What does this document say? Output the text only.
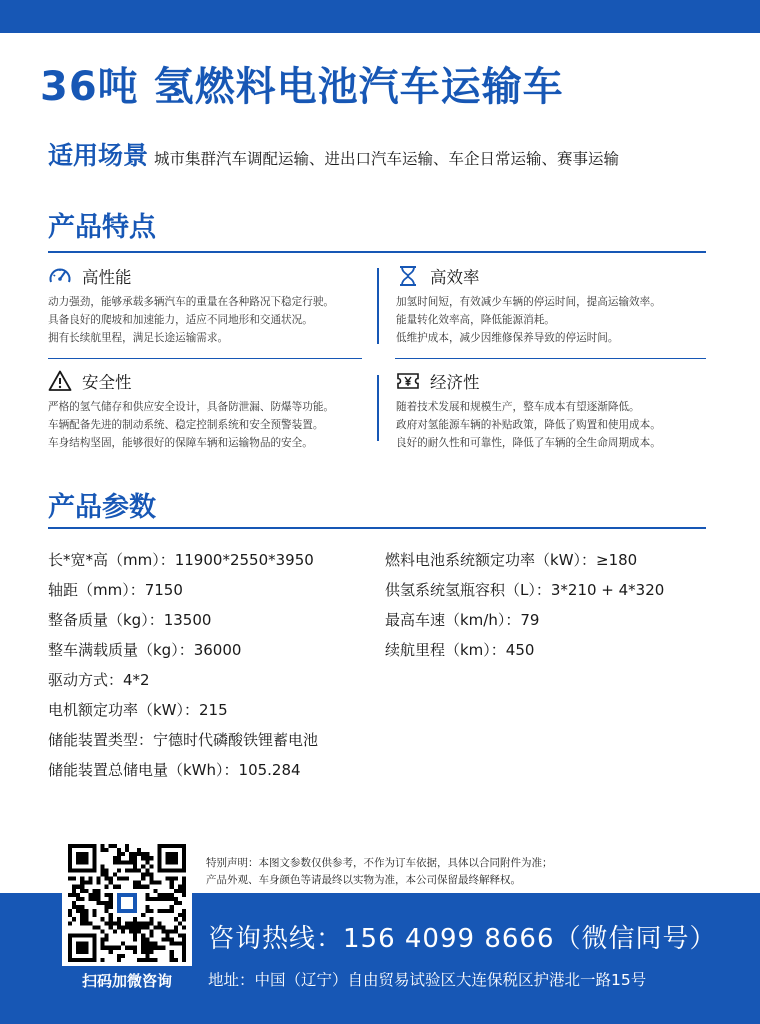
36吨 氢燃料电池汽车运输车
适用场景 城市集群汽车调配运输、进出口汽车运输、车企日常运输、赛事运输
产品特点
高性能
动力强劲，能够承载多辆汽车的重量在各种路况下稳定行驶。
具备良好的爬坡和加速能力，适应不同地形和交通状况。
拥有长续航里程，满足长途运输需求。
高效率
加氢时间短，有效减少车辆的停运时间，提高运输效率。
能量转化效率高，降低能源消耗。
低维护成本，减少因维修保养导致的停运时间。
安全性
严格的氢气储存和供应安全设计，具备防泄漏、防爆等功能。
车辆配备先进的制动系统、稳定控制系统和安全预警装置。
车身结构坚固，能够很好的保障车辆和运输物品的安全。
经济性
随着技术发展和规模生产，整车成本有望逐渐降低。
政府对氢能源车辆的补贴政策，降低了购置和使用成本。
良好的耐久性和可靠性，降低了车辆的全生命周期成本。
产品参数
长*宽*高（mm）：11900*2550*3950
轴距（mm）：7150
整备质量（kg）：13500
整车满载质量（kg）：36000
驱动方式：4*2
电机额定功率（kW）：215
储能装置类型：宁德时代磷酸铁锂蓄电池
储能装置总储电量（kWh）：105.284
燃料电池系统额定功率（kW）：≥180
供氢系统氢瓶容积（L）：3*210 + 4*320
最高车速（km/h）：79
续航里程（km）：450
特别声明：本图文参数仅供参考，不作为订车依据，具体以合同附件为准；
产品外观、车身颜色等请最终以实物为准，本公司保留最终解释权。
扫码加微咨询
咨询热线：156 4099 8666（微信同号）
地址：中国（辽宁）自由贸易试验区大连保税区护港北一路15号
